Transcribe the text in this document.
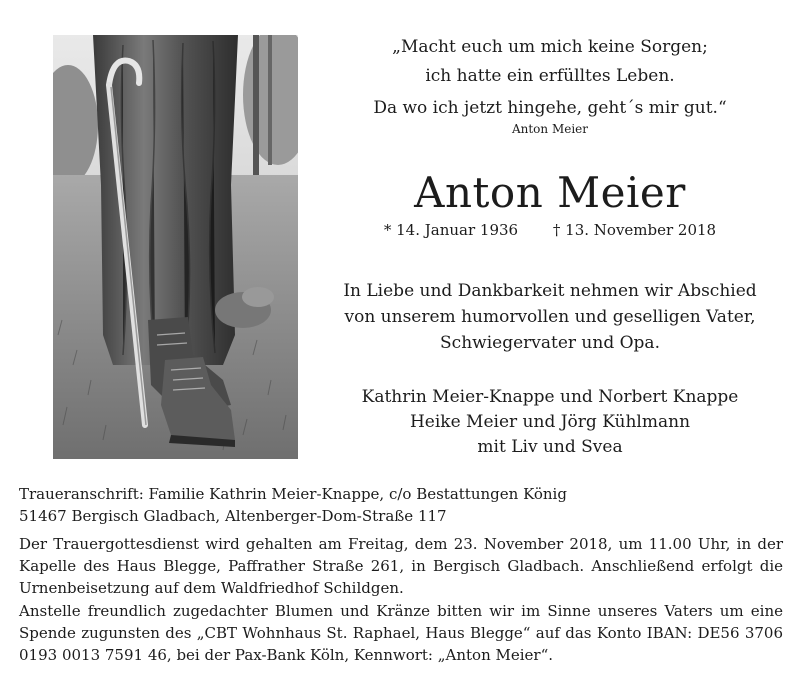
„Macht euch um mich keine Sorgen;
ich hatte ein erfülltes Leben.
Da wo ich jetzt hingehe, geht´s mir gut.“
Anton Meier
Anton Meier
* 14. Januar 1936 † 13. November 2018
In Liebe und Dankbarkeit nehmen wir Abschied
von unserem humorvollen und geselligen Vater,
Schwiegervater und Opa.
Kathrin Meier-Knappe und Norbert Knappe
Heike Meier und Jörg Kühlmann
mit Liv und Svea
Traueranschrift: Familie Kathrin Meier-Knappe, c/o Bestattungen König
51467 Bergisch Gladbach, Altenberger-Dom-Straße 117

Der Trauergottesdienst wird gehalten am Freitag, dem 23. November 2018, um 11.00 Uhr, in der Kapelle des Haus Blegge, Paffrather Straße 261, in Bergisch Gladbach. Anschließend erfolgt die Urnenbeisetzung auf dem Waldfriedhof Schildgen.

Anstelle freundlich zugedachter Blumen und Kränze bitten wir im Sinne unseres Vaters um eine Spende zugunsten des „CBT Wohnhaus St. Raphael, Haus Blegge“ auf das Konto IBAN: DE56 3706 0193 0013 7591 46, bei der Pax-Bank Köln, Kennwort: „Anton Meier“.
